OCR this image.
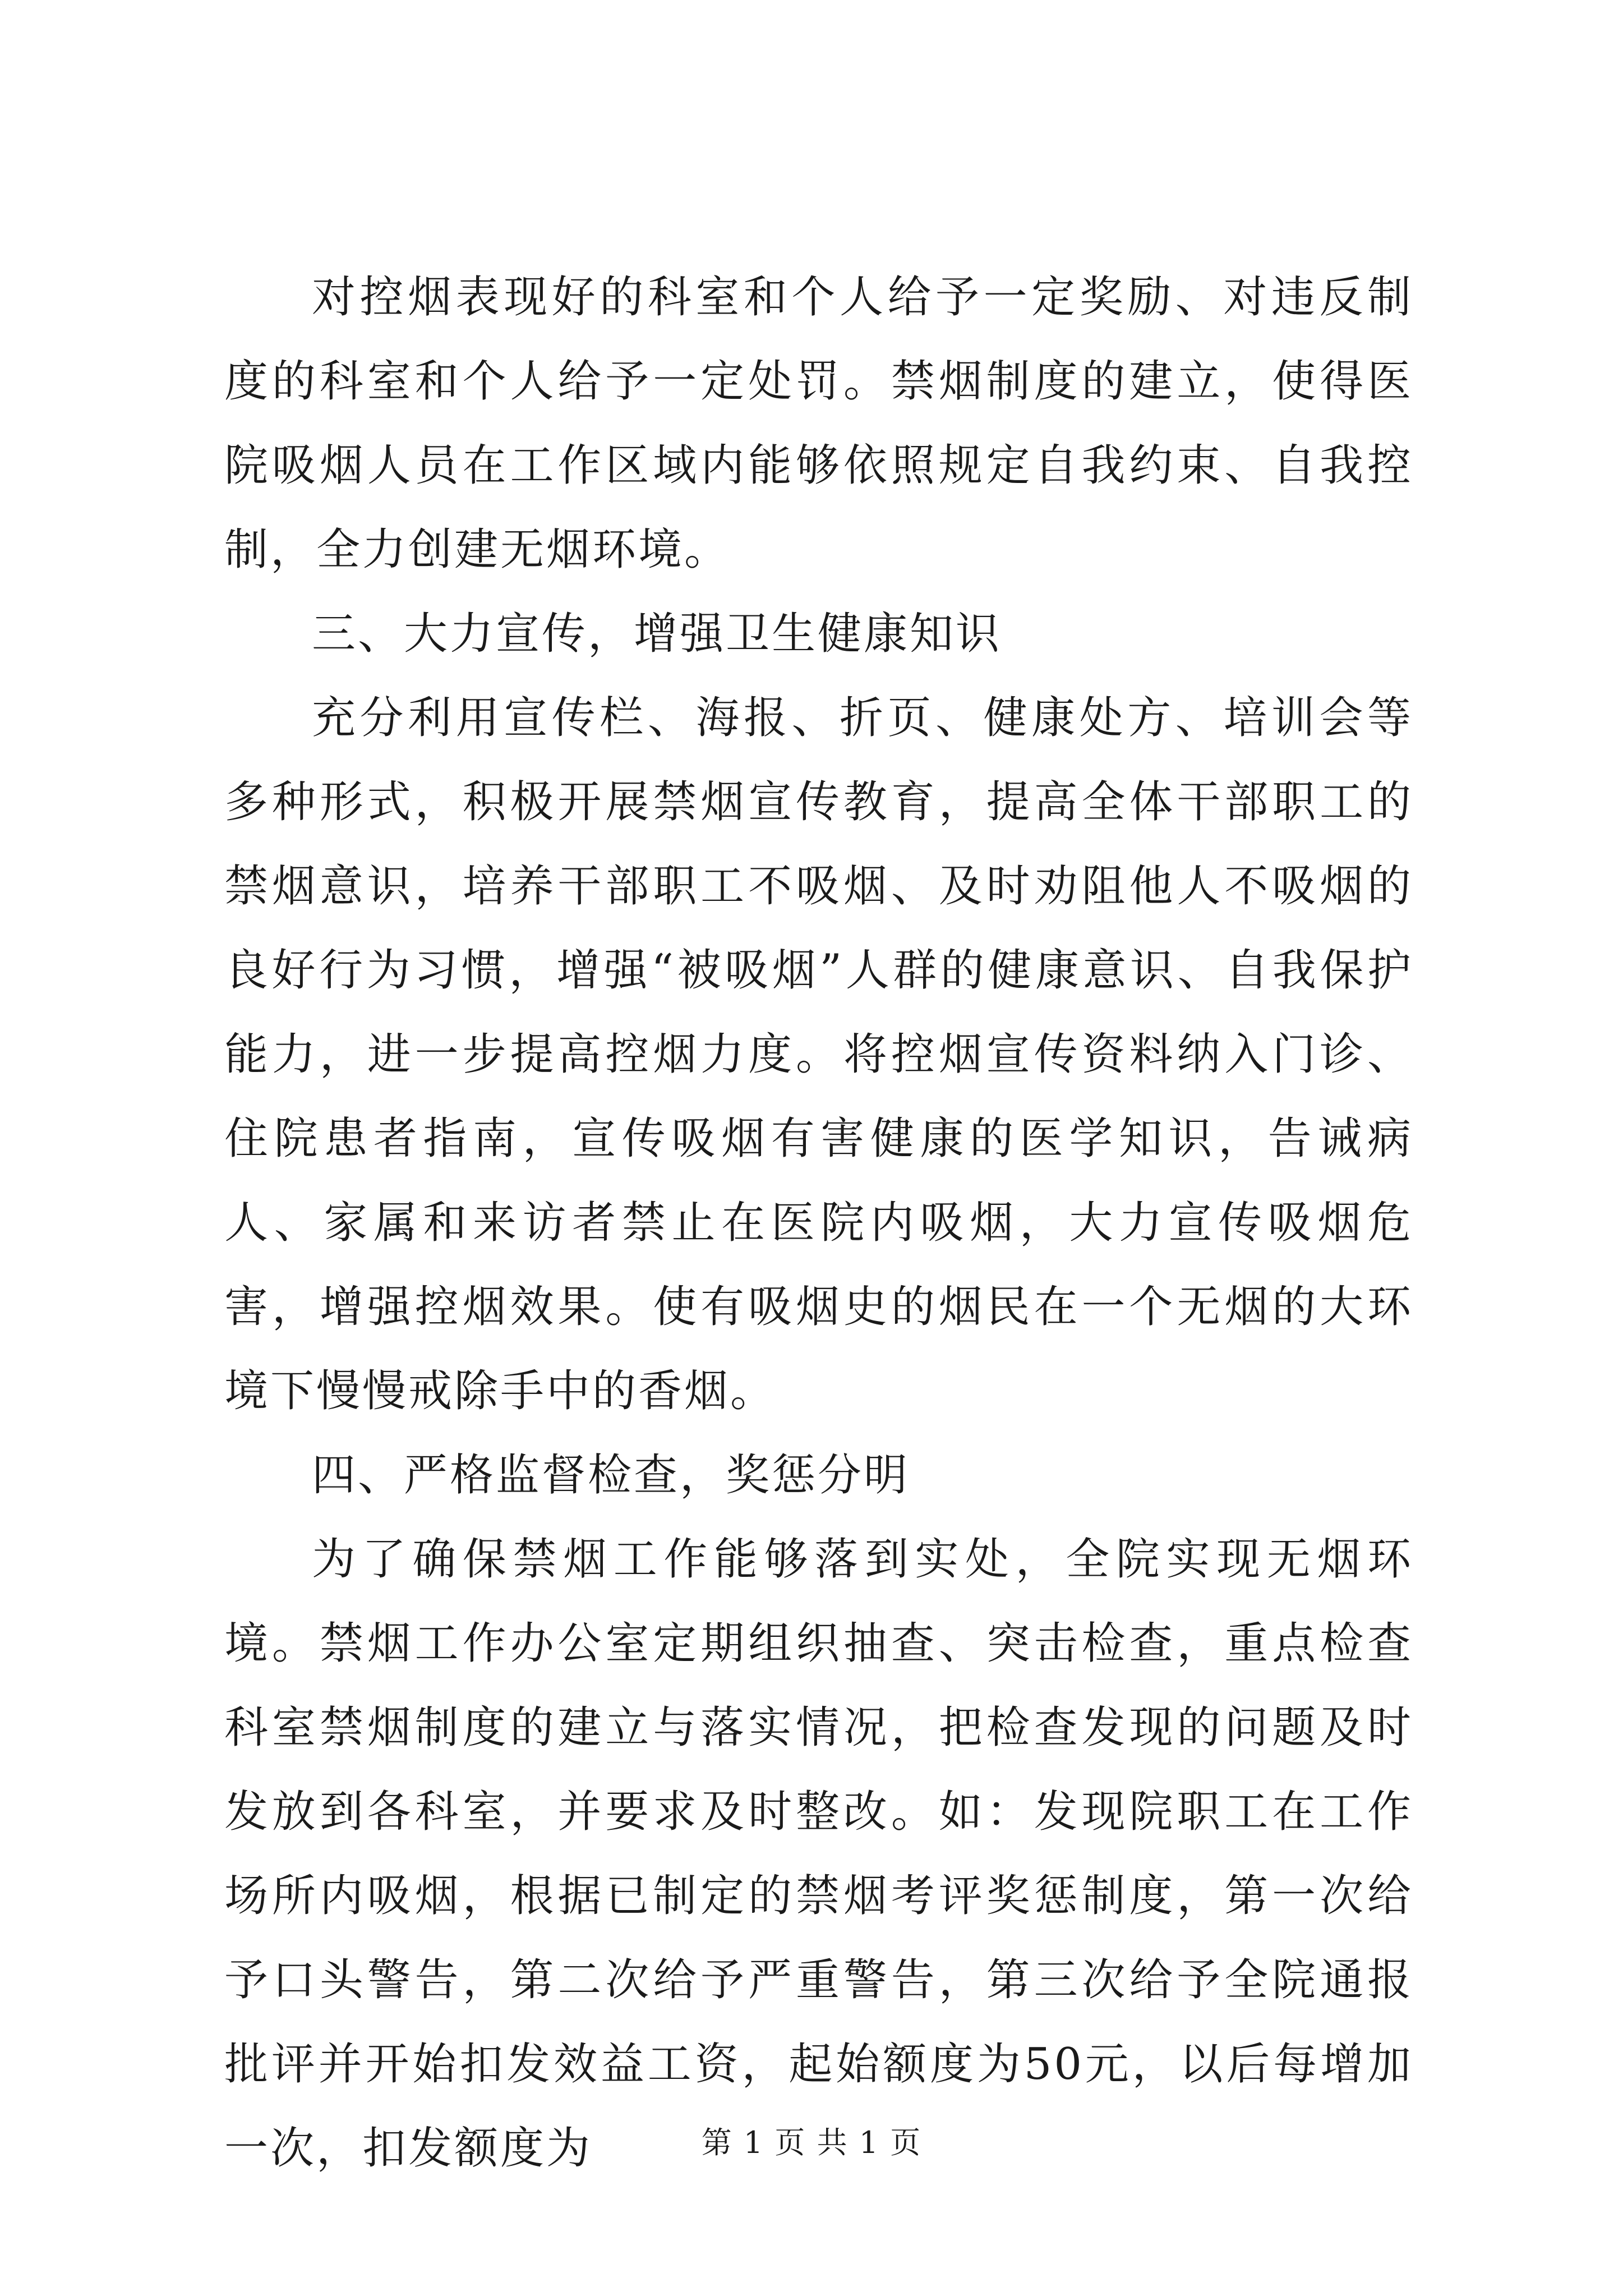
对控烟表现好的科室和个人给予一定奖励、对违反制度的科室和个人给予一定处罚。禁烟制度的建立，使得医院吸烟人员在工作区域内能够依照规定自我约束、自我控制，全力创建无烟环境。

三、大力宣传，增强卫生健康知识

充分利用宣传栏、海报、折页、健康处方、培训会等多种形式，积极开展禁烟宣传教育，提高全体干部职工的禁烟意识，培养干部职工不吸烟、及时劝阻他人不吸烟的良好行为习惯，增强“被吸烟”人群的健康意识、自我保护能力，进一步提高控烟力度。将控烟宣传资料纳入门诊、住院患者指南，宣传吸烟有害健康的医学知识，告诫病人、家属和来访者禁止在医院内吸烟，大力宣传吸烟危害，增强控烟效果。使有吸烟史的烟民在一个无烟的大环境下慢慢戒除手中的香烟。

四、严格监督检查，奖惩分明

为了确保禁烟工作能够落到实处，全院实现无烟环境。禁烟工作办公室定期组织抽查、突击检查，重点检查科室禁烟制度的建立与落实情况，把检查发现的问题及时发放到各科室，并要求及时整改。如：发现院职工在工作场所内吸烟，根据已制定的禁烟考评奖惩制度，第一次给予口头警告，第二次给予严重警告，第三次给予全院通报批评并开始扣发效益工资，起始额度为50元，以后每增加一次，扣发额度为	第 1 页 共 1 页
